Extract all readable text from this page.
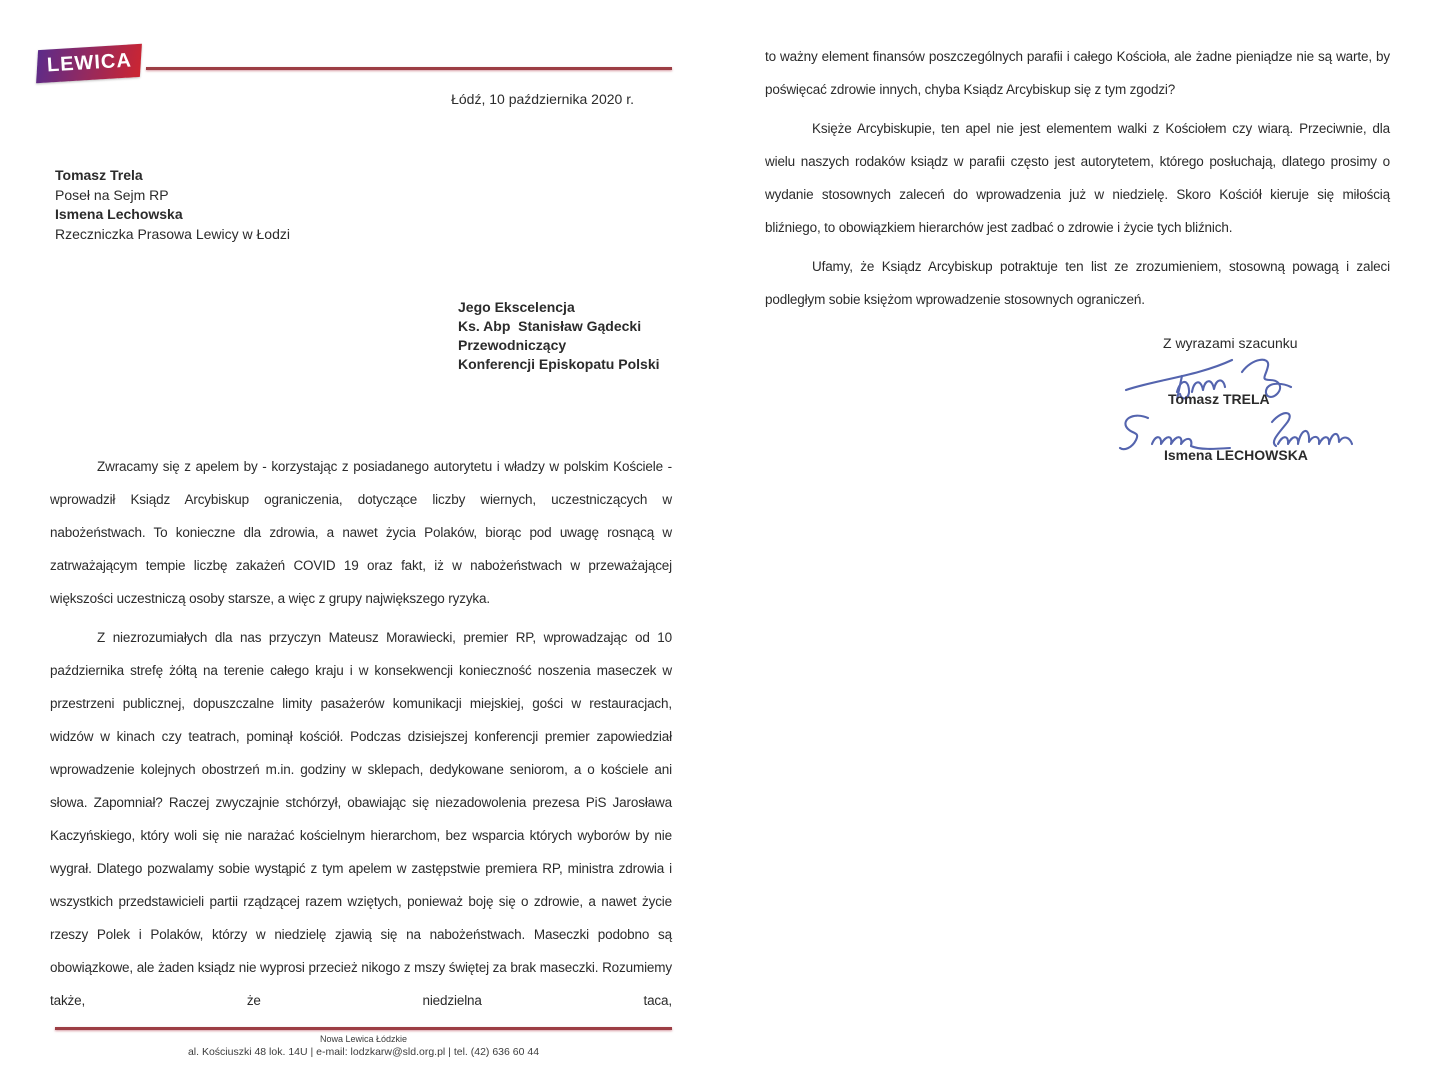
LEWICA
Łódź, 10 października 2020 r.
Tomasz Trela
Poseł na Sejm RP
Ismena Lechowska
Rzeczniczka Prasowa Lewicy w Łodzi
Jego Ekscelencja
Ks. Abp  Stanisław Gądecki
Przewodniczący
Konferencji Episkopatu Polski

Zwracamy się z apelem by - korzystając z posiadanego autorytetu i władzy w polskim Kościele - wprowadził Ksiądz Arcybiskup ograniczenia, dotyczące liczby wiernych, uczestniczących w nabożeństwach. To konieczne dla zdrowia, a nawet życia Polaków, biorąc pod uwagę rosnącą w zatrważającym tempie liczbę zakażeń COVID 19 oraz fakt, iż w nabożeństwach w przeważającej większości uczestniczą osoby starsze, a więc z grupy największego ryzyka.

Z niezrozumiałych dla nas przyczyn Mateusz Morawiecki, premier RP, wprowadzając od 10 października strefę żółtą na terenie całego kraju i w konsekwencji konieczność noszenia maseczek w przestrzeni publicznej, dopuszczalne limity pasażerów komunikacji miejskiej, gości w restauracjach, widzów w kinach czy teatrach, pominął kościół. Podczas dzisiejszej konferencji premier zapowiedział wprowadzenie kolejnych obostrzeń m.in. godziny w sklepach, dedykowane seniorom, a o kościele ani słowa. Zapomniał? Raczej zwyczajnie stchórzył, obawiając się niezadowolenia prezesa PiS Jarosława Kaczyńskiego, który woli się nie narażać kościelnym hierarchom, bez wsparcia których wyborów by nie wygrał. Dlatego pozwalamy sobie wystąpić z tym apelem w zastępstwie premiera RP, ministra zdrowia i wszystkich przedstawicieli partii rządzącej razem wziętych, ponieważ boję się o zdrowie, a nawet życie rzeszy Polek i Polaków, którzy w niedzielę zjawią się na nabożeństwach. Maseczki podobno są obowiązkowe, ale żaden ksiądz nie wyprosi przecież nikogo z mszy świętej za brak maseczki. Rozumiemy także, że niedzielna taca,

Nowa Lewica Łódzkie
al. Kościuszki 48 lok. 14U | e-mail: lodzkarw@sld.org.pl | tel. (42) 636 60 44

to ważny element finansów poszczególnych parafii i całego Kościoła, ale żadne pieniądze nie są warte, by poświęcać zdrowie innych, chyba Ksiądz Arcybiskup się z tym zgodzi?

Księże Arcybiskupie, ten apel nie jest elementem walki z Kościołem czy wiarą. Przeciwnie, dla wielu naszych rodaków ksiądz w parafii często jest autorytetem, którego posłuchają, dlatego prosimy o wydanie stosownych zaleceń do wprowadzenia już w niedzielę. Skoro Kościół kieruje się miłością bliźniego, to obowiązkiem hierarchów jest zadbać o zdrowie i życie tych bliźnich.

Ufamy, że Ksiądz Arcybiskup potraktuje ten list ze zrozumieniem, stosowną powagą i zaleci podległym sobie księżom wprowadzenie stosownych ograniczeń.

Z wyrazami szacunku
Tomasz TRELA
Ismena LECHOWSKA
